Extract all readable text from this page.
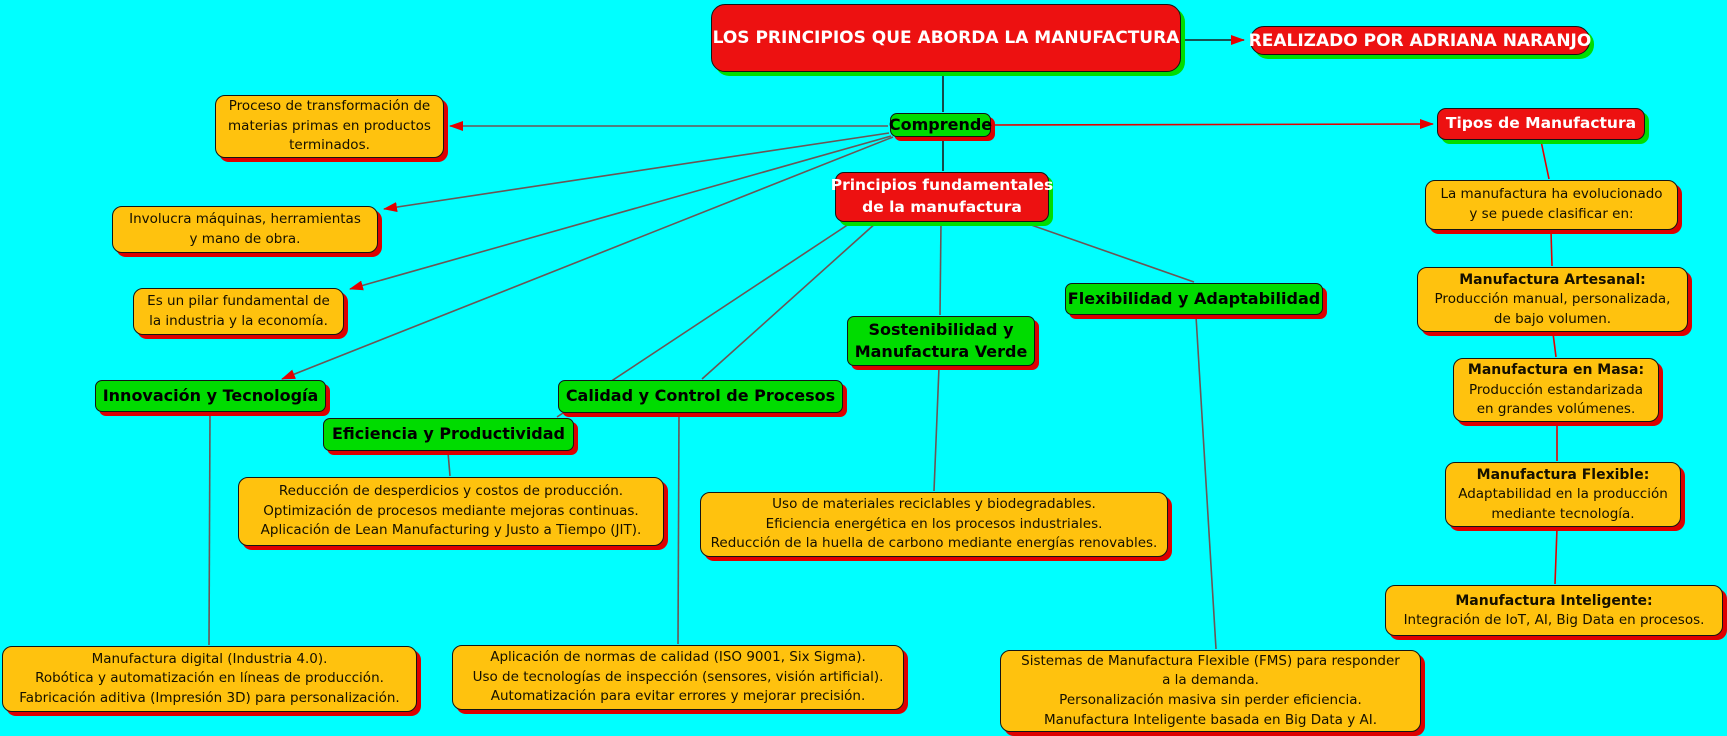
LOS PRINCIPIOS QUE ABORDA LA MANUFACTURA	REALIZADO POR ADRIANA NARANJO
Comprende
Principios fundamentales
de la manufactura
Tipos de Manufactura
Proceso de transformación de
materias primas en productos
terminados.
Involucra máquinas, herramientas
y mano de obra.
Es un pilar fundamental de
la industria y la economía.
Innovación y Tecnología
Eficiencia y Productividad
Calidad y Control de Procesos
Sostenibilidad y
Manufactura Verde
Flexibilidad y Adaptabilidad
La manufactura ha evolucionado
y se puede clasificar en:
Manufactura Artesanal:
Producción manual, personalizada,
de bajo volumen.
Manufactura en Masa:
Producción estandarizada
en grandes volúmenes.
Manufactura Flexible:
Adaptabilidad en la producción
mediante tecnología.
Manufactura Inteligente:
Integración de IoT, AI, Big Data en procesos.
Reducción de desperdicios y costos de producción.
Optimización de procesos mediante mejoras continuas.
Aplicación de Lean Manufacturing y Justo a Tiempo (JIT).
Uso de materiales reciclables y biodegradables.
Eficiencia energética en los procesos industriales.
Reducción de la huella de carbono mediante energías renovables.
Manufactura digital (Industria 4.0).
Robótica y automatización en líneas de producción.
Fabricación aditiva (Impresión 3D) para personalización.
Aplicación de normas de calidad (ISO 9001, Six Sigma).
Uso de tecnologías de inspección (sensores, visión artificial).
Automatización para evitar errores y mejorar precisión.
Sistemas de Manufactura Flexible (FMS) para responder
a la demanda.
Personalización masiva sin perder eficiencia.
Manufactura Inteligente basada en Big Data y AI.
